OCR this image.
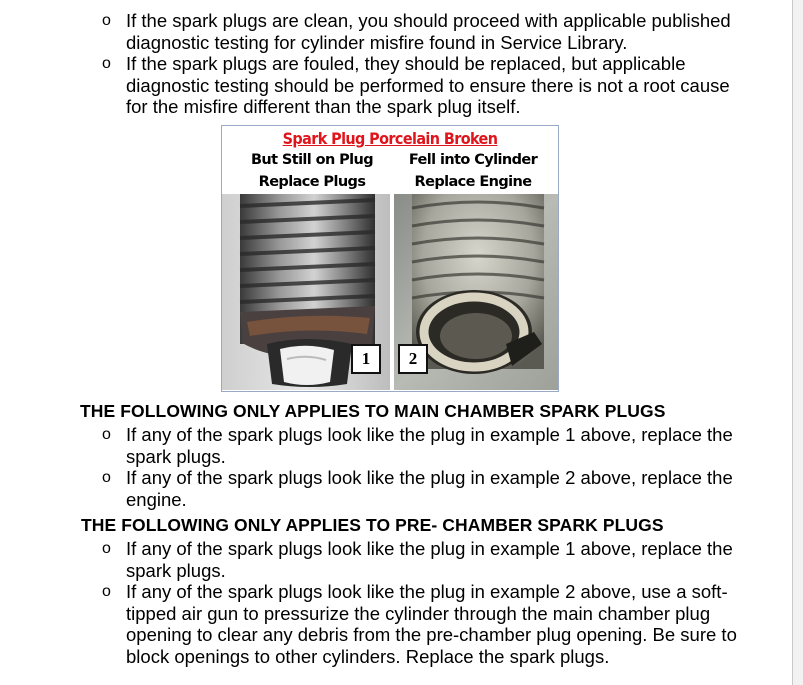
o If the spark plugs are clean, you should proceed with applicable published
diagnostic testing for cylinder misfire found in Service Library.
o If the spark plugs are fouled, they should be replaced, but applicable
diagnostic testing should be performed to ensure there is not a root cause
for the misfire different than the spark plug itself.
Spark Plug Porcelain Broken
But Still on Plug
Replace Plugs
Fell into Cylinder
Replace Engine
1	2
THE FOLLOWING ONLY APPLIES TO MAIN CHAMBER SPARK PLUGS
o If any of the spark plugs look like the plug in example 1 above, replace the
spark plugs.
o If any of the spark plugs look like the plug in example 2 above, replace the
engine.
THE FOLLOWING ONLY APPLIES TO PRE- CHAMBER SPARK PLUGS
o If any of the spark plugs look like the plug in example 1 above, replace the
spark plugs.
o If any of the spark plugs look like the plug in example 2 above, use a soft-
tipped air gun to pressurize the cylinder through the main chamber plug
opening to clear any debris from the pre-chamber plug opening. Be sure to
block openings to other cylinders. Replace the spark plugs.
